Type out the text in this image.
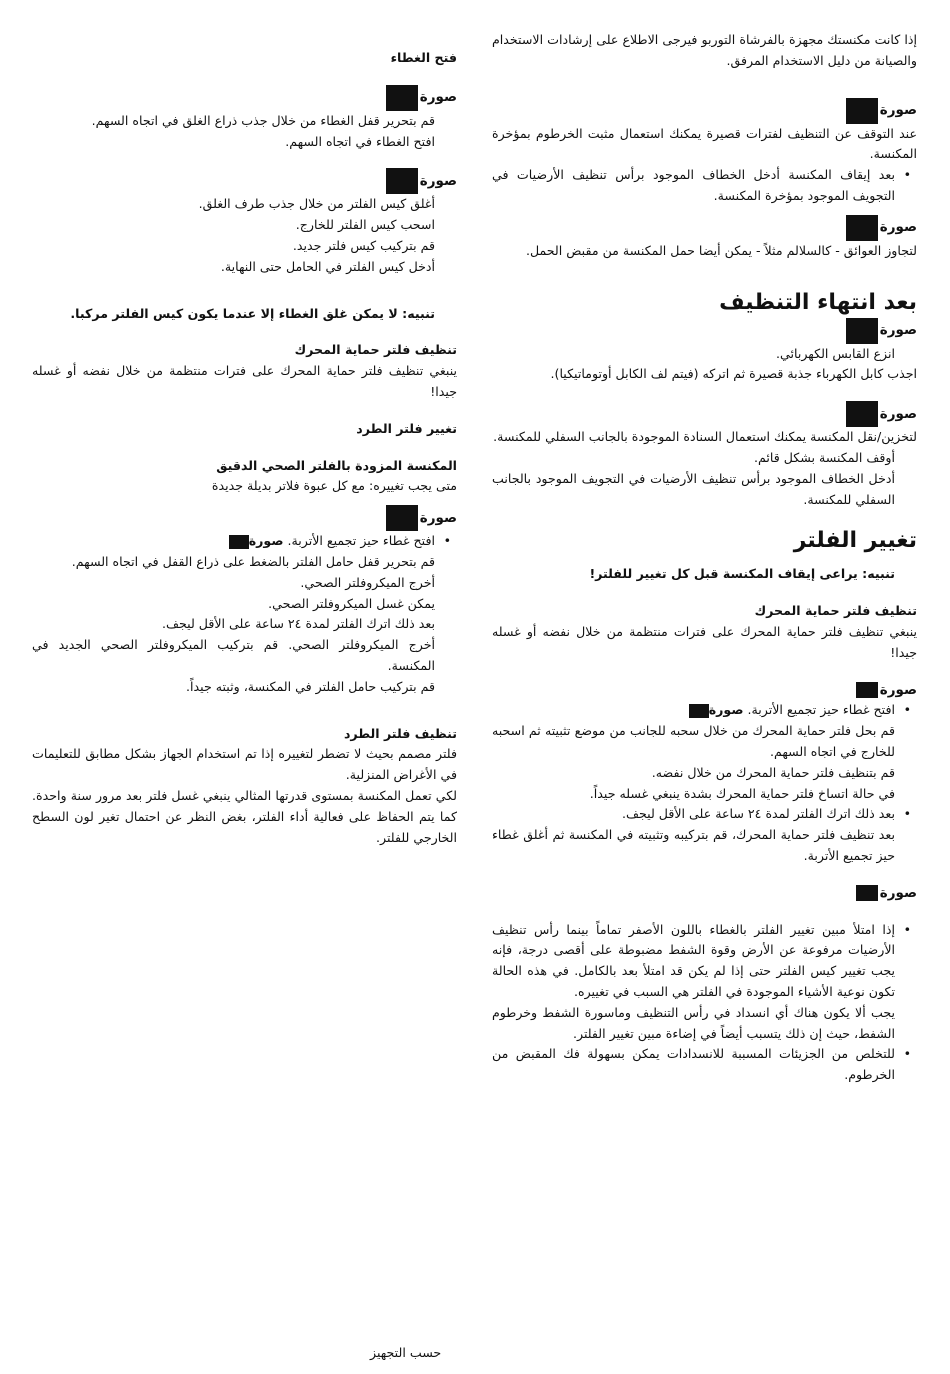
إذا كانت مكنستك مجهزة بالفرشاة التوربو فيرجى الاطلاع على إرشادات الاستخدام والصيانة من دليل الاستخدام المرفق.

صورة

عند التوقف عن التنظيف لفترات قصيرة يمكنك استعمال مثبت الخرطوم بمؤخرة المكنسة.

• بعد إيقاف المكنسة أدخل الخطاف الموجود برأس تنظيف الأرضيات في التجويف الموجود بمؤخرة المكنسة.

صورة

لتجاوز العوائق - كالسلالم مثلاً - يمكن أيضا حمل المكنسة من مقبض الحمل.

بعد انتهاء التنظيف
صورة

انزع القابس الكهربائي.

اجذب كابل الكهرباء جذبة قصيرة ثم اتركه (فيتم لف الكابل أوتوماتيكيا).

صورة

لتخزين/نقل المكنسة يمكنك استعمال السنادة الموجودة بالجانب السفلي للمكنسة.

أوقف المكنسة بشكل قائم.

أدخل الخطاف الموجود برأس تنظيف الأرضيات في التجويف الموجود بالجانب السفلي للمكنسة.

تغيير الفلتر

تنبيه: يراعى إيقاف المكنسة قبل كل تغيير للفلتر!

تنظيف فلتر حماية المحرك

ينبغي تنظيف فلتر حماية المحرك على فترات منتظمة من خلال نفضه أو غسله جيدا!

صورة

• افتح غطاء حيز تجميع الأتربة. صورة

قم بحل فلتر حماية المحرك من خلال سحبه للجانب من موضع تثبيته ثم اسحبه للخارج في اتجاه السهم.

قم بتنظيف فلتر حماية المحرك من خلال نفضه.

في حالة اتساخ فلتر حماية المحرك بشدة ينبغي غسله جيداً.

• بعد ذلك اترك الفلتر لمدة ٢٤ ساعة على الأقل ليجف.

بعد تنظيف فلتر حماية المحرك، قم بتركيبه وتثبيته في المكنسة ثم أغلق غطاء حيز تجميع الأتربة.

صورة

• إذا امتلأ مبين تغيير الفلتر بالغطاء باللون الأصفر تماماً بينما رأس تنظيف الأرضيات مرفوعة عن الأرض وقوة الشفط مضبوطة على أقصى درجة، فإنه يجب تغيير كيس الفلتر حتى إذا لم يكن قد امتلأ بعد بالكامل. في هذه الحالة تكون نوعية الأشياء الموجودة في الفلتر هي السبب في تغييره.

يجب ألا يكون هناك أي انسداد في رأس التنظيف وماسورة الشفط وخرطوم الشفط، حيث إن ذلك يتسبب أيضاً في إضاءة مبين تغيير الفلتر.

• للتخلص من الجزيئات المسببة للانسدادات يمكن بسهولة فك المقبض من الخرطوم.

فتح الغطاء

صورة

قم بتحرير قفل الغطاء من خلال جذب ذراع الغلق في اتجاه السهم.

افتح الغطاء في اتجاه السهم.

صورة

أغلق كيس الفلتر من خلال جذب طرف الغلق.

اسحب كيس الفلتر للخارج.

قم بتركيب كيس فلتر جديد.

أدخل كيس الفلتر في الحامل حتى النهاية.

تنبيه: لا يمكن غلق الغطاء إلا عندما يكون كيس الفلتر مركبا.

تنظيف فلتر حماية المحرك

ينبغي تنظيف فلتر حماية المحرك على فترات منتظمة من خلال نفضه أو غسله جيدا!

تغيير فلتر الطرد

المكنسة المزودة بالفلتر الصحي الدقيق

متى يجب تغييره: مع كل عبوة فلاتر بديلة جديدة

صورة

• افتح غطاء حيز تجميع الأتربة. صورة

قم بتحرير قفل حامل الفلتر بالضغط على ذراع القفل في اتجاه السهم.

أخرج الميكروفلتر الصحي.

يمكن غسل الميكروفلتر الصحي.

بعد ذلك اترك الفلتر لمدة ٢٤ ساعة على الأقل ليجف.

أخرج الميكروفلتر الصحي. قم بتركيب الميكروفلتر الصحي الجديد في المكنسة.

قم بتركيب حامل الفلتر في المكنسة، وثبته جيداً.

تنظيف فلتر الطرد

فلتر مصمم بحيث لا تضطر لتغييره إذا تم استخدام الجهاز بشكل مطابق للتعليمات في الأغراض المنزلية.

لكي تعمل المكنسة بمستوى قدرتها المثالي ينبغي غسل فلتر بعد مرور سنة واحدة. كما يتم الحفاظ على فعالية أداء الفلتر، بغض النظر عن احتمال تغير لون السطح الخارجي للفلتر.

حسب التجهيز
